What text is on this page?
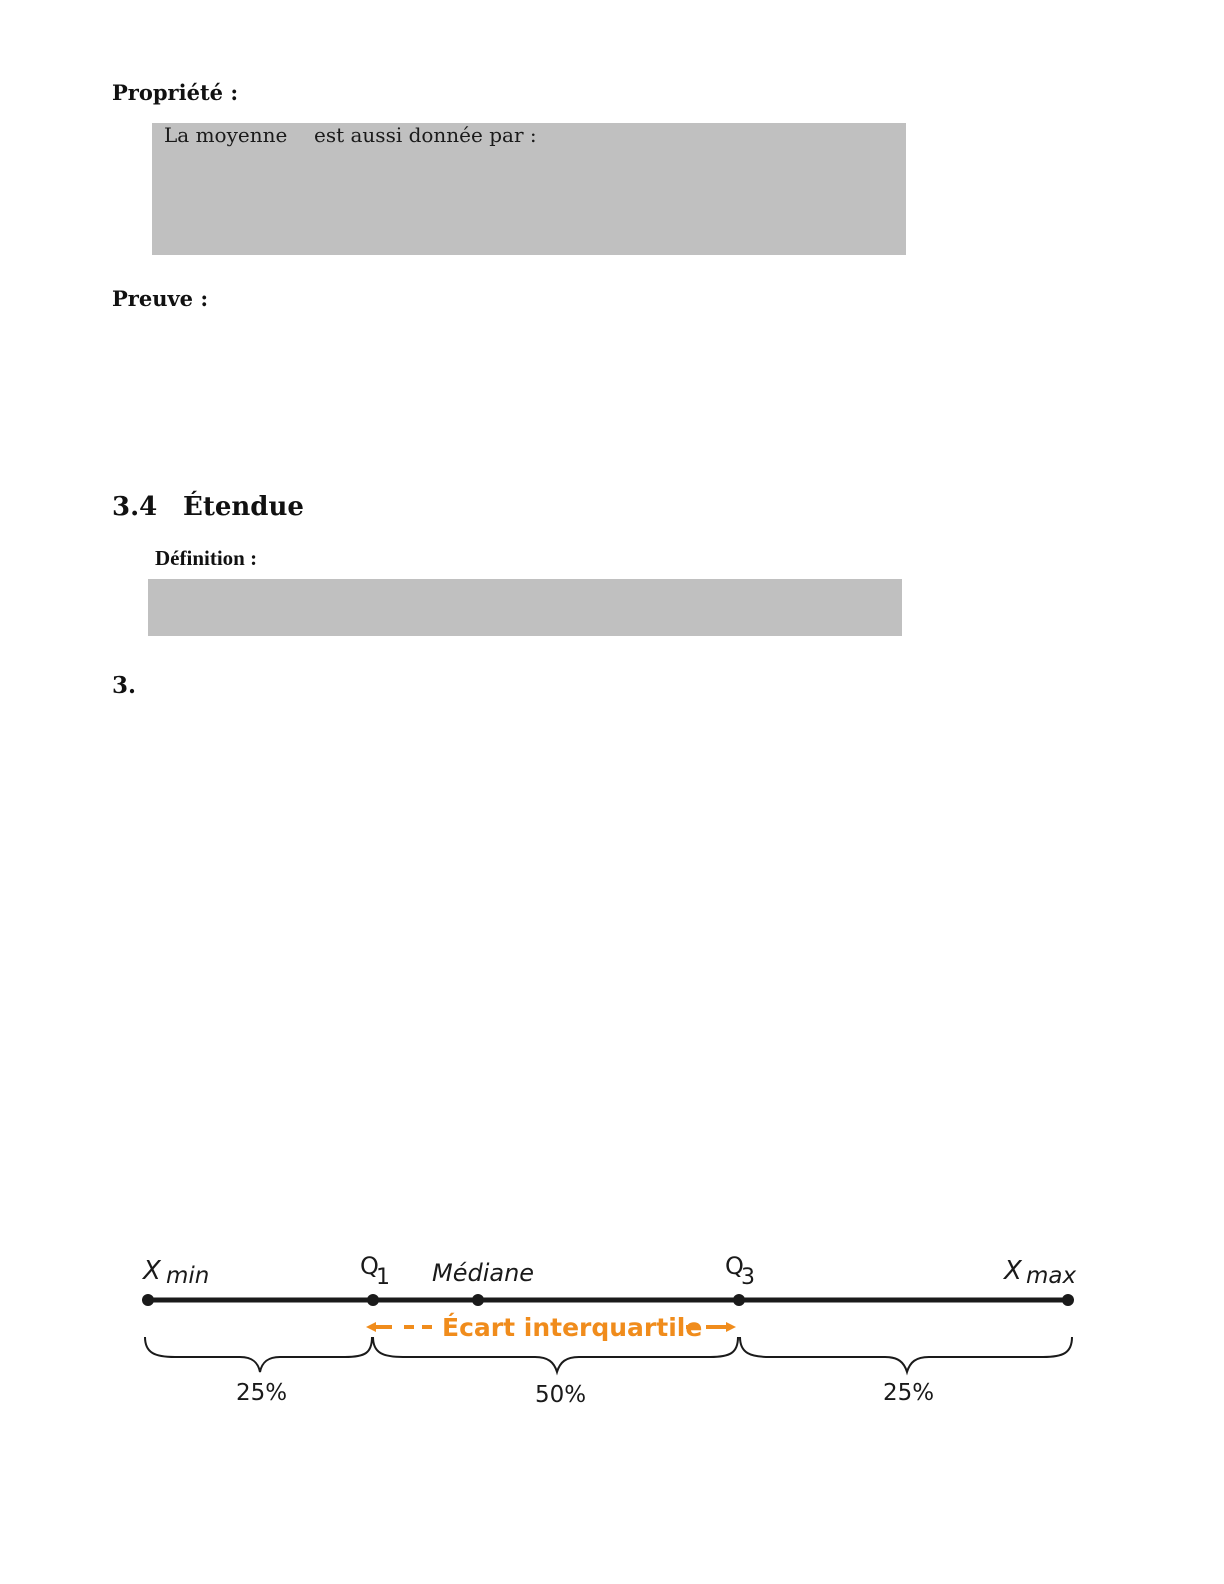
Propriété :
La moyenne est aussi donnée par :
Preuve :
3.4 Étendue
Définition :
3.
X min	Q
1 Médiane	Q
3	X max
Écart interquartile
25%	50%	25%
